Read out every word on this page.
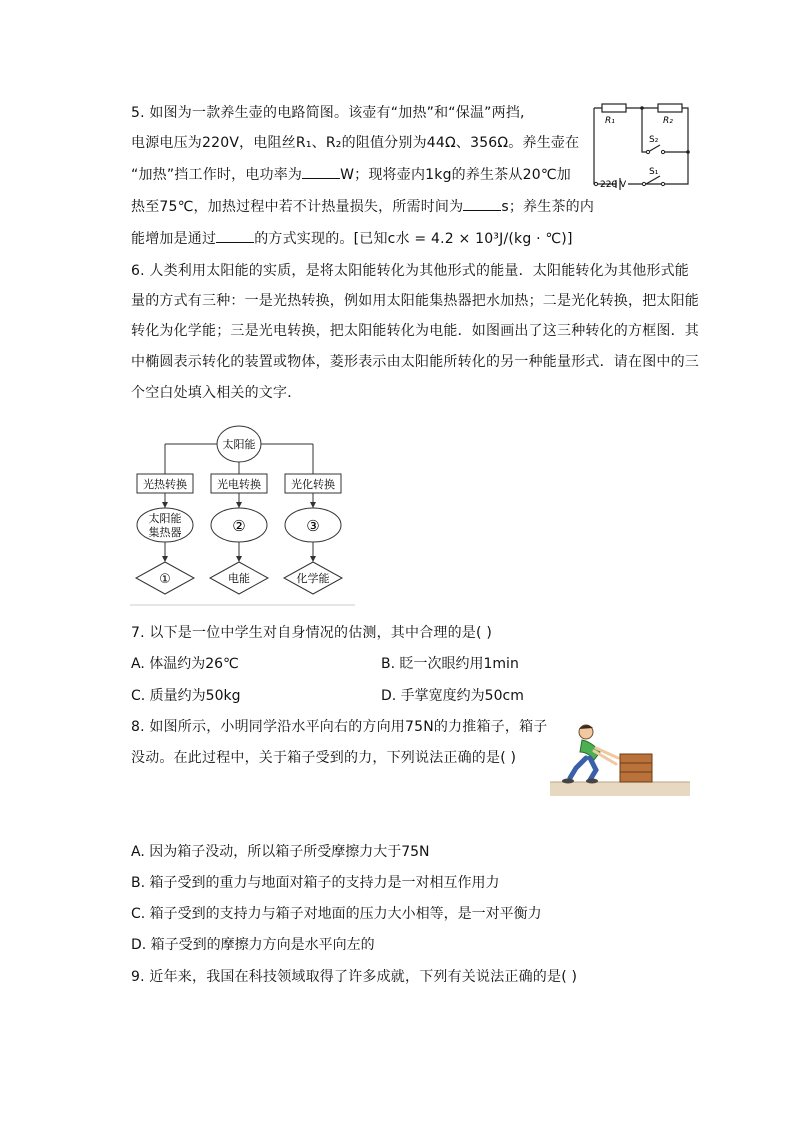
5. 如图为一款养生壶的电路简图。该壶有“加热”和“保温”两挡,
电源电压为220V，电阻丝R₁、R₂的阻值分别为44Ω、356Ω。养生壶在
“加热”挡工作时，电功率为	W；现将壶内1kg的养生茶从20℃加
热至75℃，加热过程中若不计热量损失，所需时间为	s；养生茶的内
能增加是通过	的方式实现的。[已知c水 = 4.2 × 10³J/(kg · ℃)]
R₁	R₂
S₂
S₁
220 V
6. 人类利用太阳能的实质，是将太阳能转化为其他形式的能量．太阳能转化为其他形式能
量的方式有三种：一是光热转换，例如用太阳能集热器把水加热；二是光化转换，把太阳能
转化为化学能；三是光电转换，把太阳能转化为电能．如图画出了这三种转化的方框图．其
中椭圆表示转化的装置或物体，菱形表示由太阳能所转化的另一种能量形式．请在图中的三
个空白处填入相关的文字．
太阳能
光热转换	光电转换	光化转换
太阳能
集热器	②	③
①	电能	化学能
7. 以下是一位中学生对自身情况的估测，其中合理的是( )
A. 体温约为26℃	B. 眨一次眼约用1min
C. 质量约为50kg	D. 手掌宽度约为50cm
8. 如图所示，小明同学沿水平向右的方向用75N的力推箱子，箱子
没动。在此过程中，关于箱子受到的力，下列说法正确的是( )
A. 因为箱子没动，所以箱子所受摩擦力大于75N
B. 箱子受到的重力与地面对箱子的支持力是一对相互作用力
C. 箱子受到的支持力与箱子对地面的压力大小相等，是一对平衡力
D. 箱子受到的摩擦力方向是水平向左的
9. 近年来，我国在科技领域取得了许多成就，下列有关说法正确的是( )
